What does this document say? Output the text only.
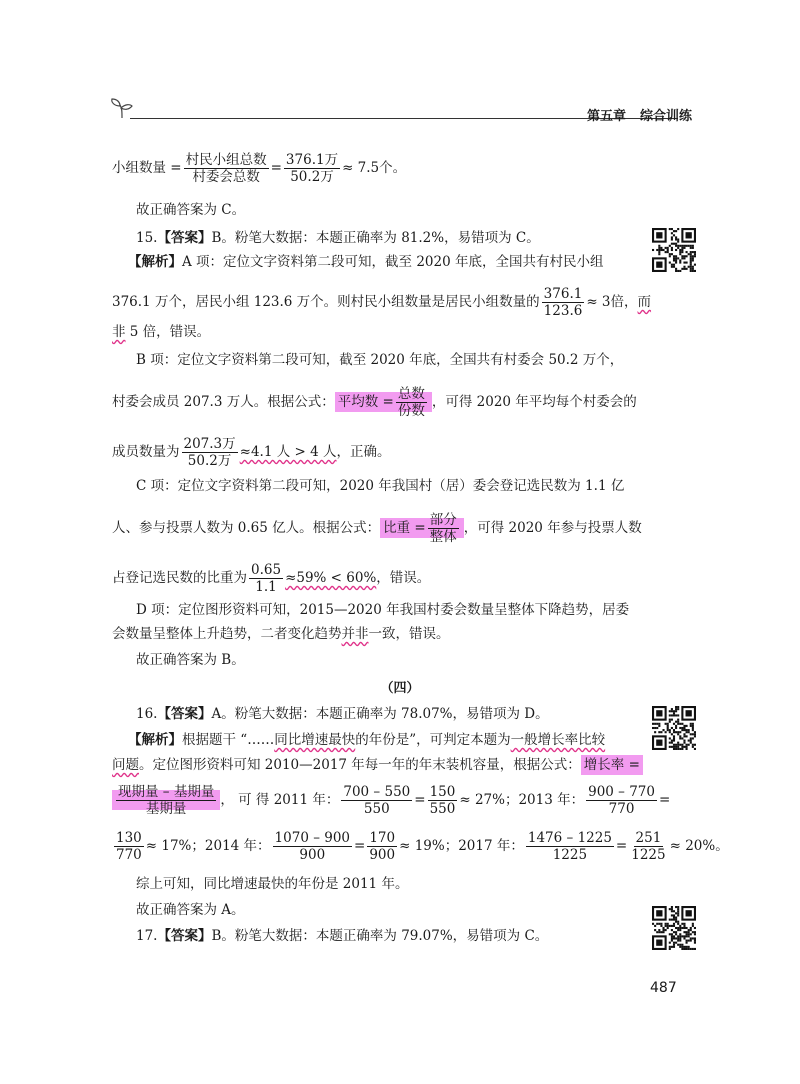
第五章 综合训练
小组数量 = $\frac{\text{村民小组总数}}{\text{村委会总数}} = \frac{\text{376.1万}}{\text{50.2万}} \approx 7.5$个。
故正确答案为 C。
15.【答案】B。粉笔大数据：本题正确率为 81.2%，易错项为 C。
【解析】A 项：定位文字资料第二段可知，截至 2020 年底，全国共有村民小组
376.1 万个，居民小组 123.6 万个。则村民小组数量是居民小组数量的 $\frac{376.1}{123.6} \approx 3$倍，而
非 5 倍，错误。
B 项：定位文字资料第二段可知，截至 2020 年底，全国共有村委会 50.2 万个，
村委会成员 207.3 万人。根据公式： 平均数 = $\frac{\text{总数}}{\text{份数}}$ ，可得 2020 年平均每个村委会的
成员数量为 $\frac{\text{207.3万}}{\text{50.2万}} \approx 4.1$ 人 > 4 人，正确。
C 项：定位文字资料第二段可知，2020 年我国村（居）委会登记选民数为 1.1 亿
人、参与投票人数为 0.65 亿人。根据公式： 比重 = $\frac{\text{部分}}{\text{整体}}$ ，可得 2020 年参与投票人数
占登记选民数的比重为 $\frac{0.65}{1.1} \approx 59\% < 60\%$，错误。
D 项：定位图形资料可知，2015—2020 年我国村委会数量呈整体下降趋势，居委
会数量呈整体上升趋势，二者变化趋势并非一致，错误。
故正确答案为 B。
（四）
16.【答案】A。粉笔大数据：本题正确率为 78.07%，易错项为 D。
【解析】根据题干 “……同比增速最快的年份是”，可判定本题为一般增长率比较
问题。定位图形资料可知 2010—2017 年每一年的年末装机容量，根据公式： 增长率 =
$\frac{\text{现期量 – 基期量}}{\text{基期量}}$ ， 可 得 2011 年： $\frac{700 - 550}{550} = \frac{150}{550} \approx 27\%$；2013 年： $\frac{900 - 770}{770}$ =
$\frac{130}{770} \approx 17\%$；2014 年： $\frac{1070 - 900}{900} = \frac{170}{900} \approx 19\%$；2017 年： $\frac{1476 - 1225}{1225} = \frac{251}{1225} \approx 20\%$。
综上可知，同比增速最快的年份是 2011 年。
故正确答案为 A。
17.【答案】B。粉笔大数据：本题正确率为 79.07%，易错项为 C。
487
